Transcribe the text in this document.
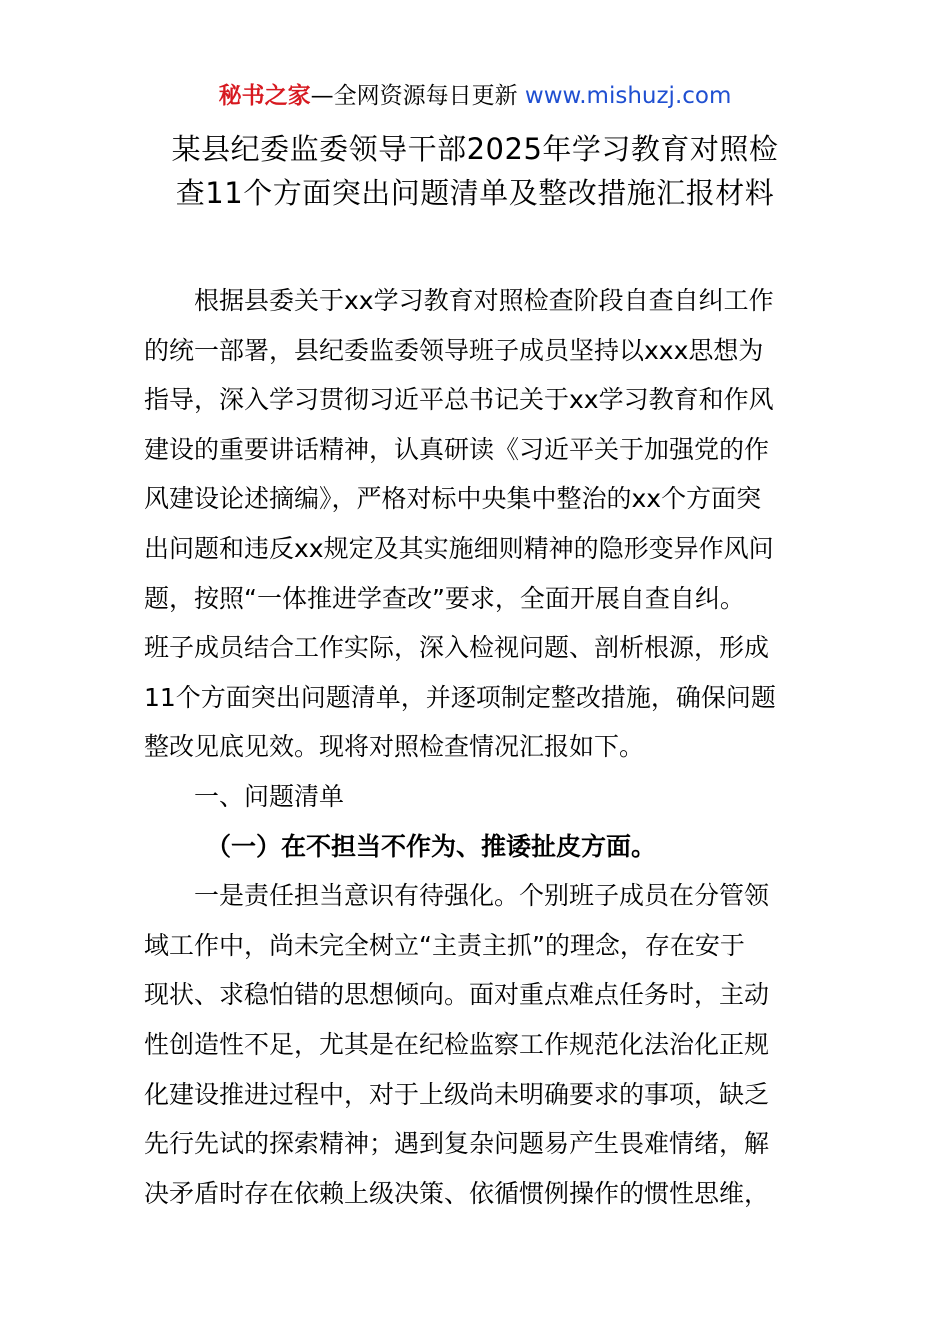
秘书之家—全网资源每日更新 www.mishuzj.com
某县纪委监委领导干部2025年学习教育对照检
查11个方面突出问题清单及整改措施汇报材料
根据县委关于xx学习教育对照检查阶段自查自纠工作
的统一部署，县纪委监委领导班子成员坚持以xxx思想为
指导，深入学习贯彻习近平总书记关于xx学习教育和作风
建设的重要讲话精神，认真研读《习近平关于加强党的作
风建设论述摘编》，严格对标中央集中整治的xx个方面突
出问题和违反xx规定及其实施细则精神的隐形变异作风问
题，按照“一体推进学查改”要求，全面开展自查自纠。
班子成员结合工作实际，深入检视问题、剖析根源，形成
11个方面突出问题清单，并逐项制定整改措施，确保问题
整改见底见效。现将对照检查情况汇报如下。
一、问题清单
（一）在不担当不作为、推诿扯皮方面。
一是责任担当意识有待强化。个别班子成员在分管领
域工作中，尚未完全树立“主责主抓”的理念，存在安于
现状、求稳怕错的思想倾向。面对重点难点任务时，主动
性创造性不足，尤其是在纪检监察工作规范化法治化正规
化建设推进过程中，对于上级尚未明确要求的事项，缺乏
先行先试的探索精神；遇到复杂问题易产生畏难情绪，解
决矛盾时存在依赖上级决策、依循惯例操作的惯性思维，
